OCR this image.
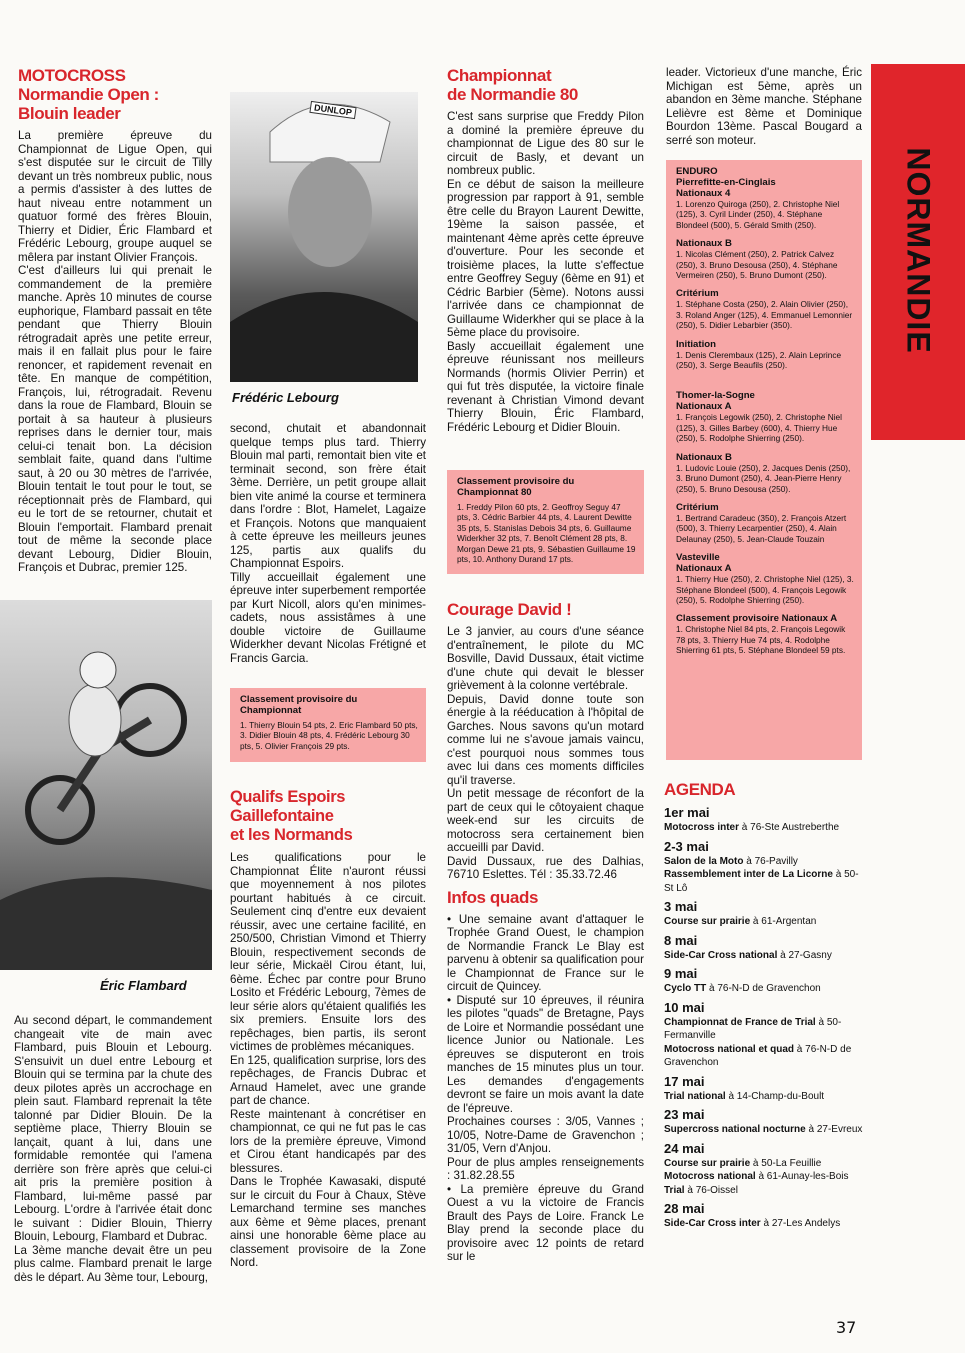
NORMANDIE
MOTOCROSS
Normandie Open :
Blouin leader

La première épreuve du Championnat de Ligue Open, qui s'est disputée sur le circuit de Tilly devant un très nombreux public, nous a permis d'assister à des luttes de haut niveau entre notamment un quatuor formé des frères Blouin, Thierry et Didier, Éric Flambard et Frédéric Lebourg, groupe auquel se mêlera par instant Olivier François.

C'est d'ailleurs lui qui prenait le commandement de la première manche. Après 10 minutes de course euphorique, Flambard passait en tête pendant que Thierry Blouin rétrogradait après une petite erreur, mais il en fallait plus pour le faire renoncer, et rapidement revenait en tête. En manque de compétition, François, lui, rétrogradait. Revenu dans la roue de Flambard, Blouin se portait à sa hauteur à plusieurs reprises dans le dernier tour, mais celui-ci tenait bon. La décision semblait faite, quand dans l'ultime saut, à 20 ou 30 mètres de l'arrivée, Blouin tentait le tout pour le tout, se réceptionnait près de Flambard, qui eu le tort de se retourner, chutait et Blouin l'emportait. Flambard prenait tout de même la seconde place devant Lebourg, Didier Blouin, François et Dubrac, premier 125.

Éric Flambard

Au second départ, le commandement changeait vite de main avec Flambard, puis Blouin et Lebourg. S'ensuivit un duel entre Lebourg et Blouin qui se termina par la chute des deux pilotes après un accrochage en plein saut. Flambard reprenait la tête talonné par Didier Blouin. De la septième place, Thierry Blouin se lançait, quant à lui, dans une formidable remontée qui l'amena derrière son frère après que celui-ci ait pris la première position à Flambard, lui-même passé par Lebourg. L'ordre à l'arrivée était donc le suivant : Didier Blouin, Thierry Blouin, Lebourg, Flambard et Dubrac.

La 3ème manche devait être un peu plus calme. Flambard prenait le large dès le départ. Au 3ème tour, Lebourg,

DUNLOP
Frédéric Lebourg

second, chutait et abandonnait quelque temps plus tard. Thierry Blouin mal parti, remontait bien vite et terminait second, son frère était 3ème. Derrière, un petit groupe allait bien vite animé la course et terminera dans l'ordre : Blot, Hamelet, Lagaize et François. Notons que manquaient à cette épreuve les meilleurs jeunes 125, partis aux qualifs du Championnat Espoirs.

Tilly accueillait également une épreuve inter superbement remportée par Kurt Nicoll, alors qu'en minimes-cadets, nous assistâmes à une double victoire de Guillaume Widerkher devant Nicolas Frétigné et Francis Garcia.

Classement provisoire du Championnat

1. Thierry Blouin 54 pts, 2. Eric Flambard 50 pts, 3. Didier Blouin 48 pts, 4. Frédéric Lebourg 30 pts, 5. Olivier François 29 pts.

Qualifs Espoirs
Gaillefontaine
et les Normands

Les qualifications pour le Championnat Élite n'auront réussi que moyennement à nos pilotes pourtant habitués à ce circuit. Seulement cinq d'entre eux devaient réussir, avec une certaine facilité, en 250/500, Christian Vimond et Thierry Blouin, respectivement seconds de leur série, Mickaël Cirou étant, lui, 6ème. Échec par contre pour Bruno Losito et Frédéric Lebourg, 7èmes de leur série alors qu'étaient qualifiés les six premiers. Ensuite lors des repêchages, bien partis, ils seront victimes de problèmes mécaniques.

En 125, qualification surprise, lors des repêchages, de Francis Dubrac et Arnaud Hamelet, avec une grande part de chance.

Reste maintenant à concrétiser en championnat, ce qui ne fut pas le cas lors de la première épreuve, Vimond et Cirou étant handicapés par des blessures.

Dans le Trophée Kawasaki, disputé sur le circuit du Four à Chaux, Stève Lemarchand termine ses manches aux 6ème et 9ème places, prenant ainsi une honorable 6ème place au classement provisoire de la Zone Nord.

Championnat
de Normandie 80

C'est sans surprise que Freddy Pilon a dominé la première épreuve du championnat de Ligue des 80 sur le circuit de Basly, et devant un nombreux public.

En ce début de saison la meilleure progression par rapport à 91, semble être celle du Brayon Laurent Dewitte, 19ème la saison passée, et maintenant 4ème après cette épreuve d'ouverture. Pour les seconde et troisième places, la lutte s'effectue entre Geoffrey Seguy (6ème en 91) et Cédric Barbier (5ème). Notons aussi l'arrivée dans ce championnat de Guillaume Widerkher qui se place à la 5ème place du provisoire.

Basly accueillait également une épreuve réunissant nos meilleurs Normands (hormis Olivier Perrin) et qui fut très disputée, la victoire finale revenant à Christian Vimond devant Thierry Blouin, Éric Flambard, Frédéric Lebourg et Didier Blouin.

Classement provisoire du Championnat 80

1. Freddy Pilon 60 pts, 2. Geoffroy Seguy 47 pts, 3. Cédric Barbier 44 pts, 4. Laurent Dewitte 35 pts, 5. Stanislas Debois 34 pts, 6. Guillaume Widerkher 32 pts, 7. Benoît Clément 28 pts, 8. Morgan Dewe 21 pts, 9. Sébastien Guillaume 19 pts, 10. Anthony Durand 17 pts.

Courage David !

Le 3 janvier, au cours d'une séance d'entraînement, le pilote du MC Bosville, David Dussaux, était victime d'une chute qui devait le blesser grièvement à la colonne vertébrale.

Depuis, David donne toute son énergie à la rééducation à l'hôpital de Garches. Nous savons qu'un motard comme lui ne s'avoue jamais vaincu, c'est pourquoi nous sommes tous avec lui dans ces moments difficiles qu'il traverse.

Un petit message de réconfort de la part de ceux qui le côtoyaient chaque week-end sur les circuits de motocross sera certainement bien accueilli par David.

David Dussaux, rue des Dalhias, 76710 Eslettes. Tél : 35.33.72.46

Infos quads

• Une semaine avant d'attaquer le Trophée Grand Ouest, le champion de Normandie Franck Le Blay est parvenu à obtenir sa qualification pour le Championnat de France sur le circuit de Quincey.

• Disputé sur 10 épreuves, il réunira les pilotes "quads" de Bretagne, Pays de Loire et Normandie possédant une licence Junior ou Nationale. Les épreuves se disputeront en trois manches de 15 minutes plus un tour. Les demandes d'engagements devront se faire un mois avant la date de l'épreuve.

Prochaines courses : 3/05, Vannes ; 10/05, Notre-Dame de Gravenchon ; 31/05, Vern d'Anjou.

Pour de plus amples renseignements : 31.82.28.55

• La première épreuve du Grand Ouest a vu la victoire de Francis Brault des Pays de Loire. Franck Le Blay prend la seconde place du provisoire avec 12 points de retard sur le

leader. Victorieux d'une manche, Éric Michigan est 5ème, après un abandon en 3ème manche. Stéphane Lelièvre est 8ème et Dominique Bourdon 13ème. Pascal Bougard a serré son moteur.

ENDURO

Pierrefitte-en-Cinglais

Nationaux 4

1. Lorenzo Quiroga (250), 2. Christophe Niel (125), 3. Cyril Linder (250), 4. Stéphane Blondeel (500), 5. Gérald Smith (250).

Nationaux B

1. Nicolas Clément (250), 2. Patrick Calvez (250), 3. Bruno Desousa (250), 4. Stéphane Vermeiren (250), 5. Bruno Dumont (250).

Critérium

1. Stéphane Costa (250), 2. Alain Olivier (250), 3. Roland Anger (125), 4. Emmanuel Lemonnier (250), 5. Didier Lebarbier (350).

Initiation

1. Denis Clerembaux (125), 2. Alain Leprince (250), 3. Serge Beaufils (250).

Thomer-la-Sogne

Nationaux A

1. François Legowik (250), 2. Christophe Niel (125), 3. Gilles Barbey (600), 4. Thierry Hue (250), 5. Rodolphe Shierring (250).

Nationaux B

1. Ludovic Louie (250), 2. Jacques Denis (250), 3. Bruno Dumont (250), 4. Jean-Pierre Henry (250), 5. Bruno Desousa (250).

Critérium

1. Bertrand Caradeuc (350), 2. François Atzert (500), 3. Thierry Lecarpentier (250), 4. Alain Delaunay (250), 5. Jean-Claude Touzain

Vasteville

Nationaux A

1. Thierry Hue (250), 2. Christophe Niel (125), 3. Stéphane Blondeel (500), 4. François Legowik (250), 5. Rodolphe Shierring (250).

Classement provisoire Nationaux A

1. Christophe Niel 84 pts, 2. François Legowik 78 pts, 3. Thierry Hue 74 pts, 4. Rodolphe Shierring 61 pts, 5. Stéphane Blondeel 59 pts.

AGENDA
1er mai
Motocross inter à 76-Ste Austreberthe
2-3 mai
Salon de la Moto à 76-Pavilly
Rassemblement inter de La Licorne à 50-St Lô
3 mai
Course sur prairie à 61-Argentan
8 mai
Side-Car Cross national à 27-Gasny
9 mai
Cyclo TT à 76-N-D de Gravenchon
10 mai
Championnat de France de Trial à 50-Fermanville
Motocross national et quad à 76-N-D de Gravenchon
17 mai
Trial national à 14-Champ-du-Boult
23 mai
Supercross national nocturne à 27-Evreux
24 mai
Course sur prairie à 50-La Feuillie
Motocross national à 61-Aunay-les-Bois
Trial à 76-Oissel
28 mai
Side-Car Cross inter à 27-Les Andelys
37
